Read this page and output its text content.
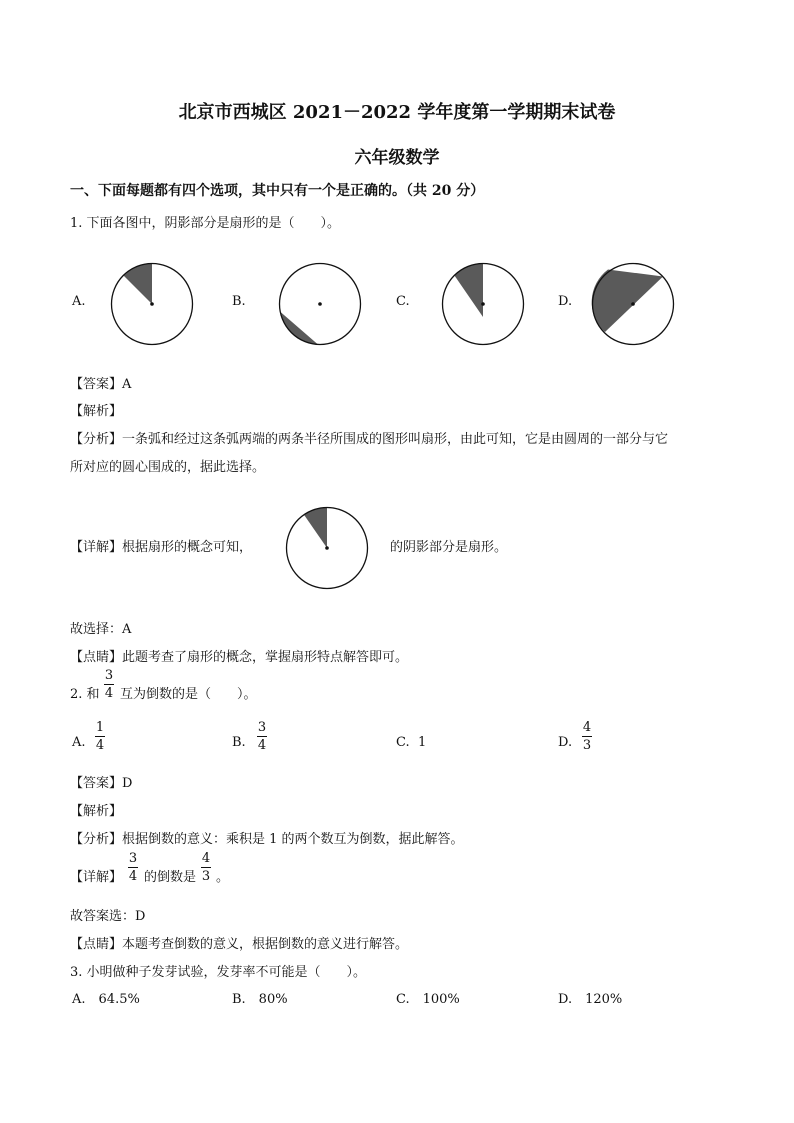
北京市西城区 2021－2022 学年度第一学期期末试卷
六年级数学
一、下面每题都有四个选项，其中只有一个是正确的。（共 20 分）
1. 下面各图中，阴影部分是扇形的是（　　）。
A.	B.	C.	D.
【答案】A
【解析】
【分析】一条弧和经过这条弧两端的两条半径所围成的图形叫扇形，由此可知，它是由圆周的一部分与它
所对应的圆心围成的，据此选择。
【详解】根据扇形的概念可知，	的阴影部分是扇形。
故选择：A
【点睛】此题考查了扇形的概念，掌握扇形特点解答即可。
2. 和
3
4 互为倒数的是（　　）。
A.
1
4	B.
3
4	C. 1	D.
4
3
【答案】D
【解析】
【分析】根据倒数的意义：乘积是 1 的两个数互为倒数，据此解答。
【详解】
3
4 的倒数是
4
3 。
故答案选：D
【点睛】本题考查倒数的意义，根据倒数的意义进行解答。
3. 小明做种子发芽试验，发芽率不可能是（　　）。
A.　64.5%	B.　80%	C.　100%	D.　120%
